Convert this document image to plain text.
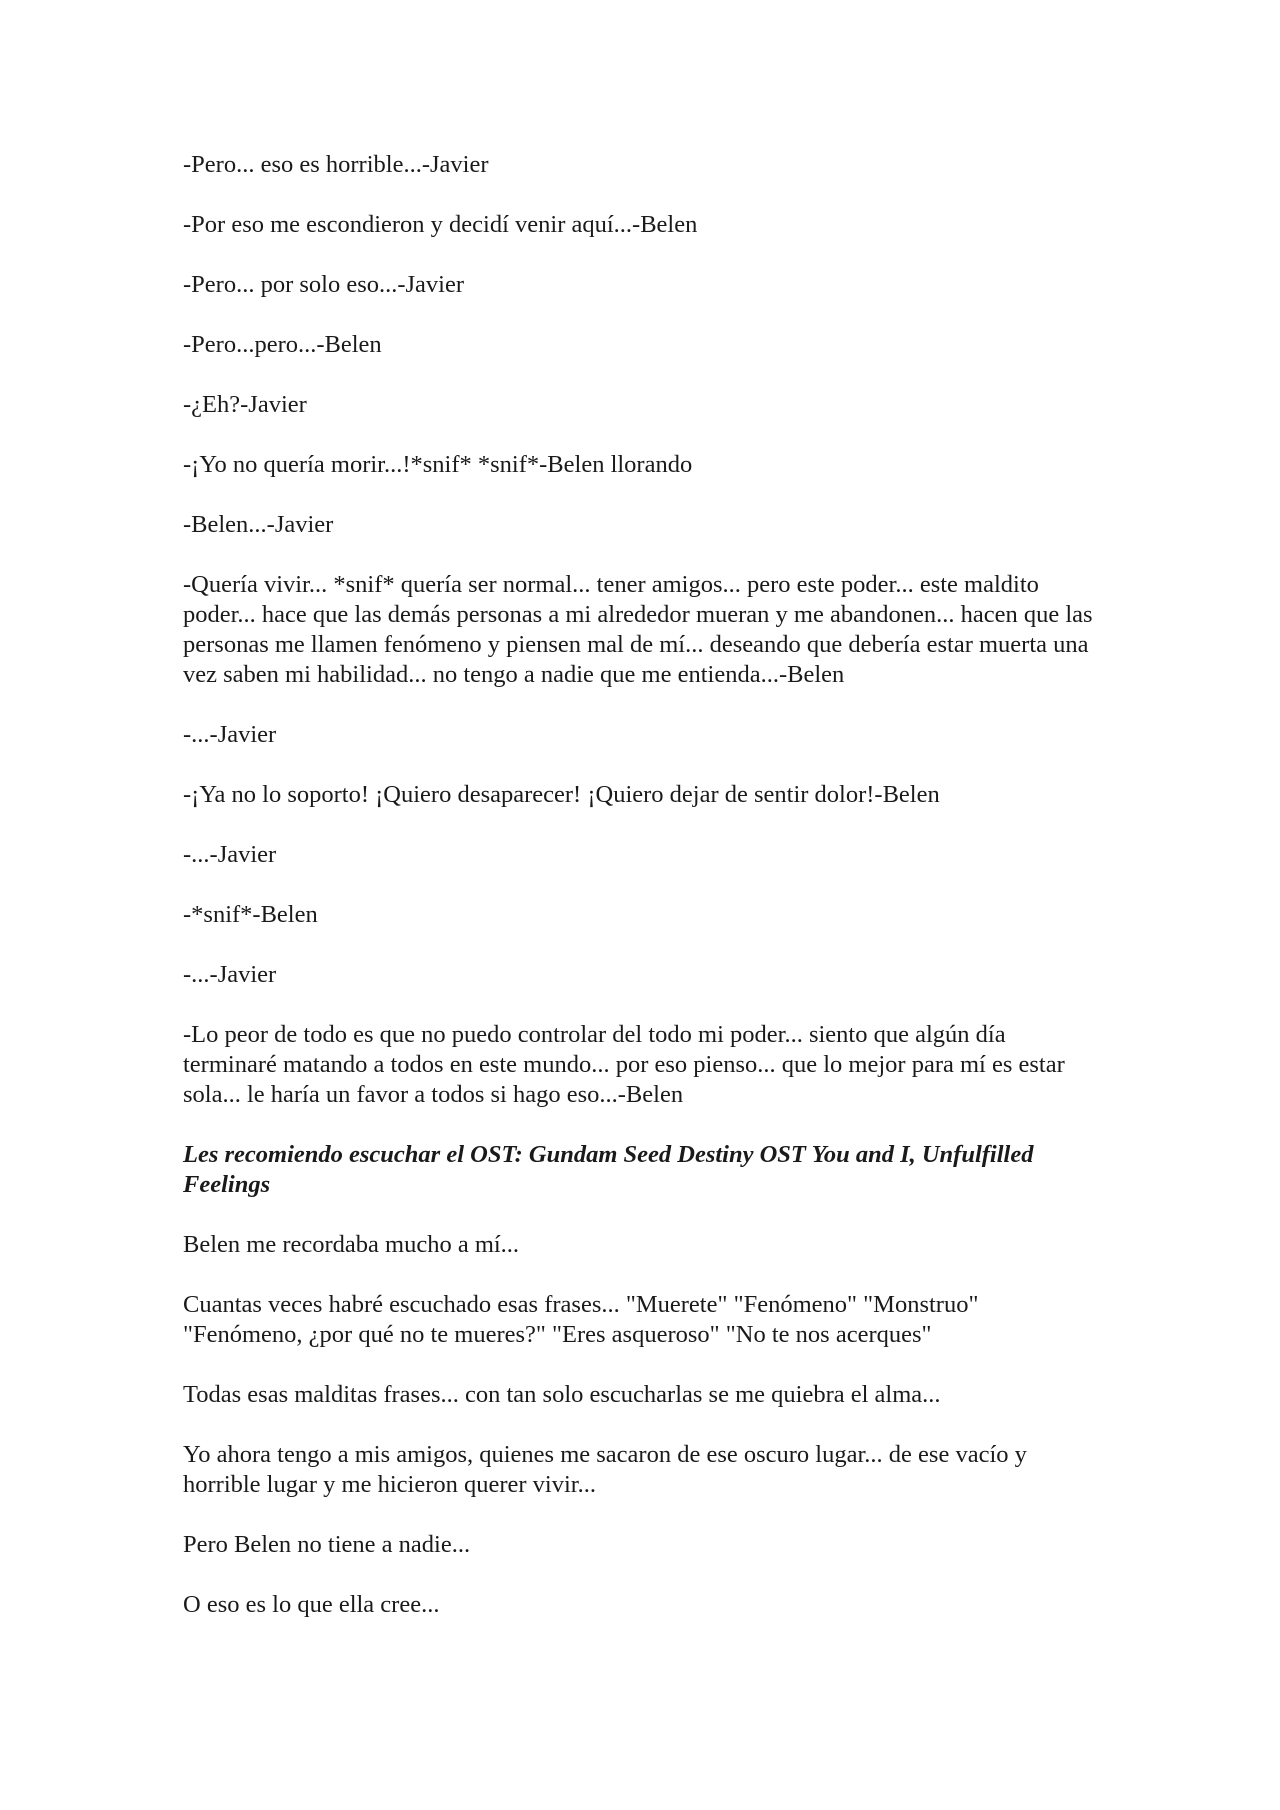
-Pero... eso es horrible...-Javier

-Por eso me escondieron y decidí venir aquí...-Belen

-Pero... por solo eso...-Javier

-Pero...pero...-Belen

-¿Eh?-Javier

-¡Yo no quería morir...!*snif* *snif*-Belen llorando

-Belen...-Javier

-Quería vivir... *snif* quería ser normal... tener amigos... pero este poder... este maldito poder... hace que las demás personas a mi alrededor mueran y me abandonen... hacen que las personas me llamen fenómeno y piensen mal de mí... deseando que debería estar muerta una vez saben mi habilidad... no tengo a nadie que me entienda...-Belen

-...-Javier

-¡Ya no lo soporto! ¡Quiero desaparecer! ¡Quiero dejar de sentir dolor!-Belen

-...-Javier

-*snif*-Belen

-...-Javier

-Lo peor de todo es que no puedo controlar del todo mi poder... siento que algún día terminaré matando a todos en este mundo... por eso pienso... que lo mejor para mí es estar sola... le haría un favor a todos si hago eso...-Belen

Les recomiendo escuchar el OST: Gundam Seed Destiny OST You and I, Unfulfilled Feelings

Belen me recordaba mucho a mí...

Cuantas veces habré escuchado esas frases... "Muerete" "Fenómeno" "Monstruo" "Fenómeno, ¿por qué no te mueres?" "Eres asqueroso" "No te nos acerques"

Todas esas malditas frases... con tan solo escucharlas se me quiebra el alma...

Yo ahora tengo a mis amigos, quienes me sacaron de ese oscuro lugar... de ese vacío y horrible lugar y me hicieron querer vivir...

Pero Belen no tiene a nadie...

O eso es lo que ella cree...
